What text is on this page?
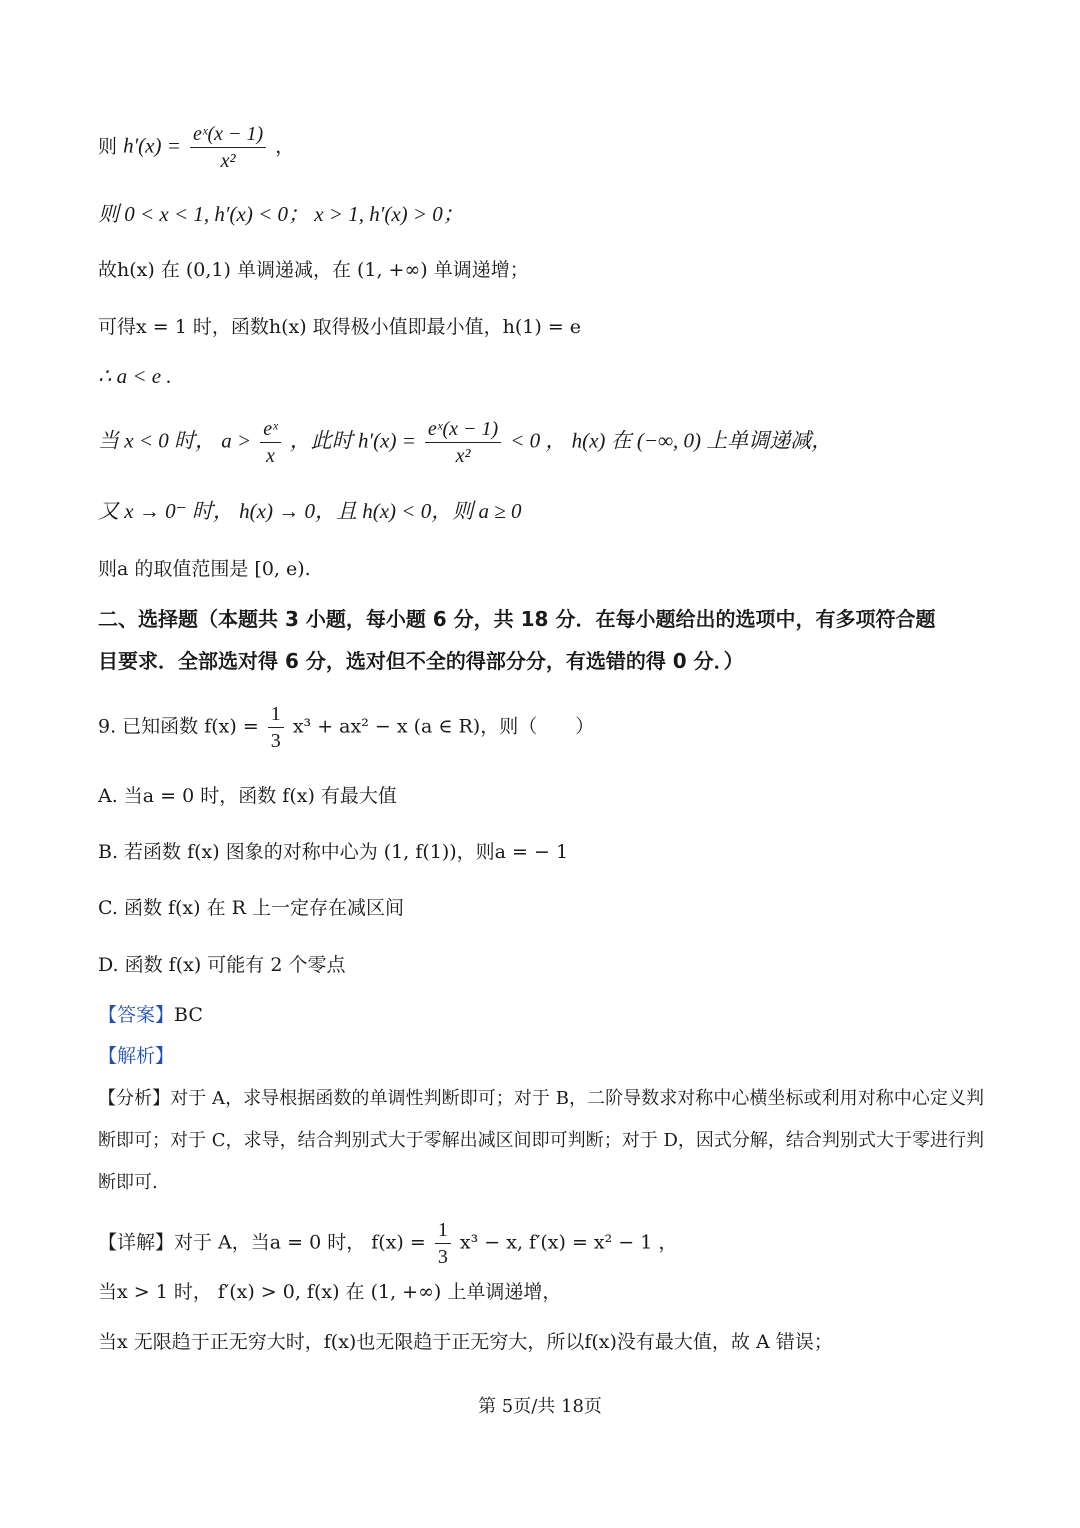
则 $h'(x) = \frac{\text{eˣ(x − 1)}}{\text{x²}}$ ，
则 0 < x < 1, h′(x) < 0； x > 1, h′(x) > 0；
故h(x) 在 (0,1) 单调递减，在 (1, +∞) 单调递增；
可得x = 1 时，函数h(x) 取得极小值即最小值，h(1) = e
∴ a < e .
当 x < 0 时， $a > \frac{\text{eˣ}}{x}$ ，此时 $h'(x) = \frac{\text{eˣ(x − 1)}}{\text{x²}} < 0$ ， h(x) 在 (−∞, 0) 上单调递减，
又 x → 0⁻ 时， h(x) → 0，且 h(x) < 0，则 a ≥ 0
则a 的取值范围是 [0, e).
二、选择题（本题共 3 小题，每小题 6 分，共 18 分．在每小题给出的选项中，有多项符合题
目要求．全部选对得 6 分，选对但不全的得部分分，有选错的得 0 分．）
9. 已知函数 $f(x) = \frac{1}{3} x^3 + ax^2 - x$ (a ∈ R)，则（　　）
A. 当a = 0 时，函数 f(x) 有最大值
B. 若函数 f(x) 图象的对称中心为 (1, f(1))，则a = − 1
C. 函数 f(x) 在 R 上一定存在减区间
D. 函数 f(x) 可能有 2 个零点
【答案】BC
【解析】
【分析】对于 A，求导根据函数的单调性判断即可；对于 B，二阶导数求对称中心横坐标或利用对称中心定义判断即可；对于 C，求导，结合判别式大于零解出减区间即可判断；对于 D，因式分解，结合判别式大于零进行判断即可.
【详解】对于 A，当a = 0 时， $f(x) = \frac{1}{3} x^3 - x$, f′(x) = x² − 1 ，
当x > 1 时， f′(x) > 0, f(x) 在 (1, +∞) 上单调递增，
当x 无限趋于正无穷大时，f(x)也无限趋于正无穷大，所以f(x)没有最大值，故 A 错误；
第 5页/共 18页
